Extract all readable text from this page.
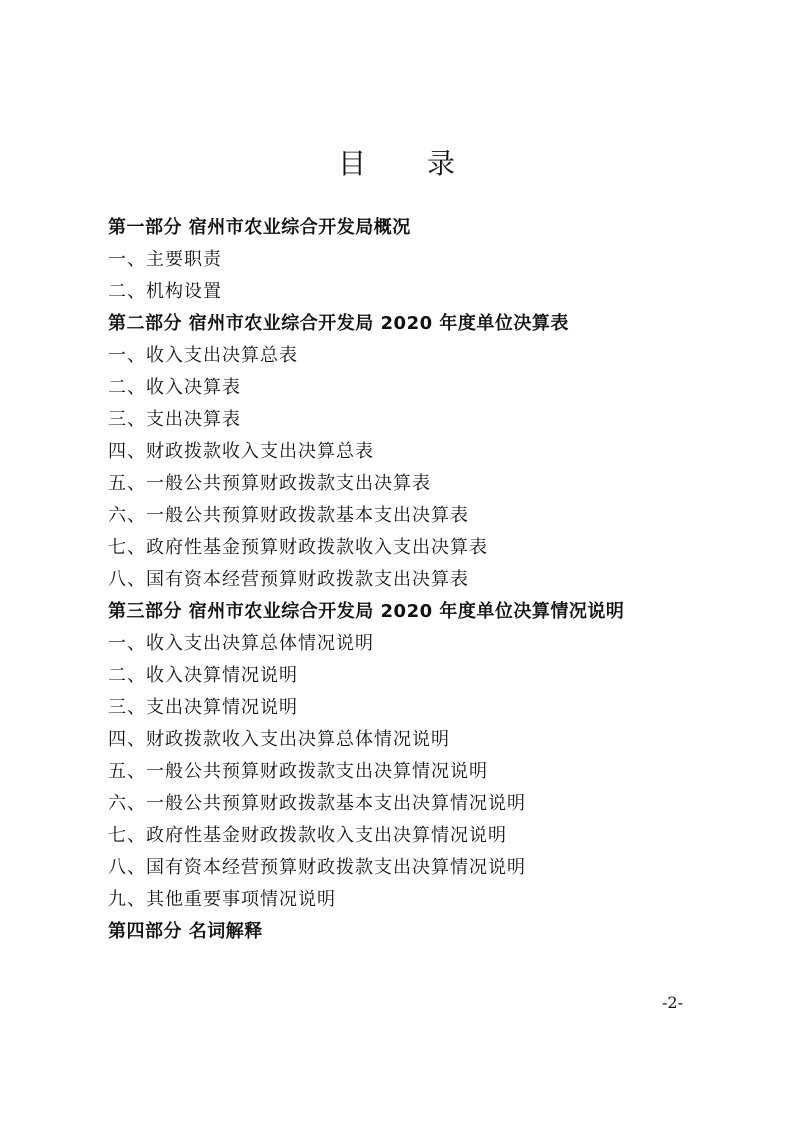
目 录
第一部分 宿州市农业综合开发局概况
一、主要职责
二、机构设置
第二部分 宿州市农业综合开发局 2020 年度单位决算表
一、收入支出决算总表
二、收入决算表
三、支出决算表
四、财政拨款收入支出决算总表
五、一般公共预算财政拨款支出决算表
六、一般公共预算财政拨款基本支出决算表
七、政府性基金预算财政拨款收入支出决算表
八、国有资本经营预算财政拨款支出决算表
第三部分 宿州市农业综合开发局 2020 年度单位决算情况说明
一、收入支出决算总体情况说明
二、收入决算情况说明
三、支出决算情况说明
四、财政拨款收入支出决算总体情况说明
五、一般公共预算财政拨款支出决算情况说明
六、一般公共预算财政拨款基本支出决算情况说明
七、政府性基金财政拨款收入支出决算情况说明
八、国有资本经营预算财政拨款支出决算情况说明
九、其他重要事项情况说明
第四部分 名词解释
-2-
